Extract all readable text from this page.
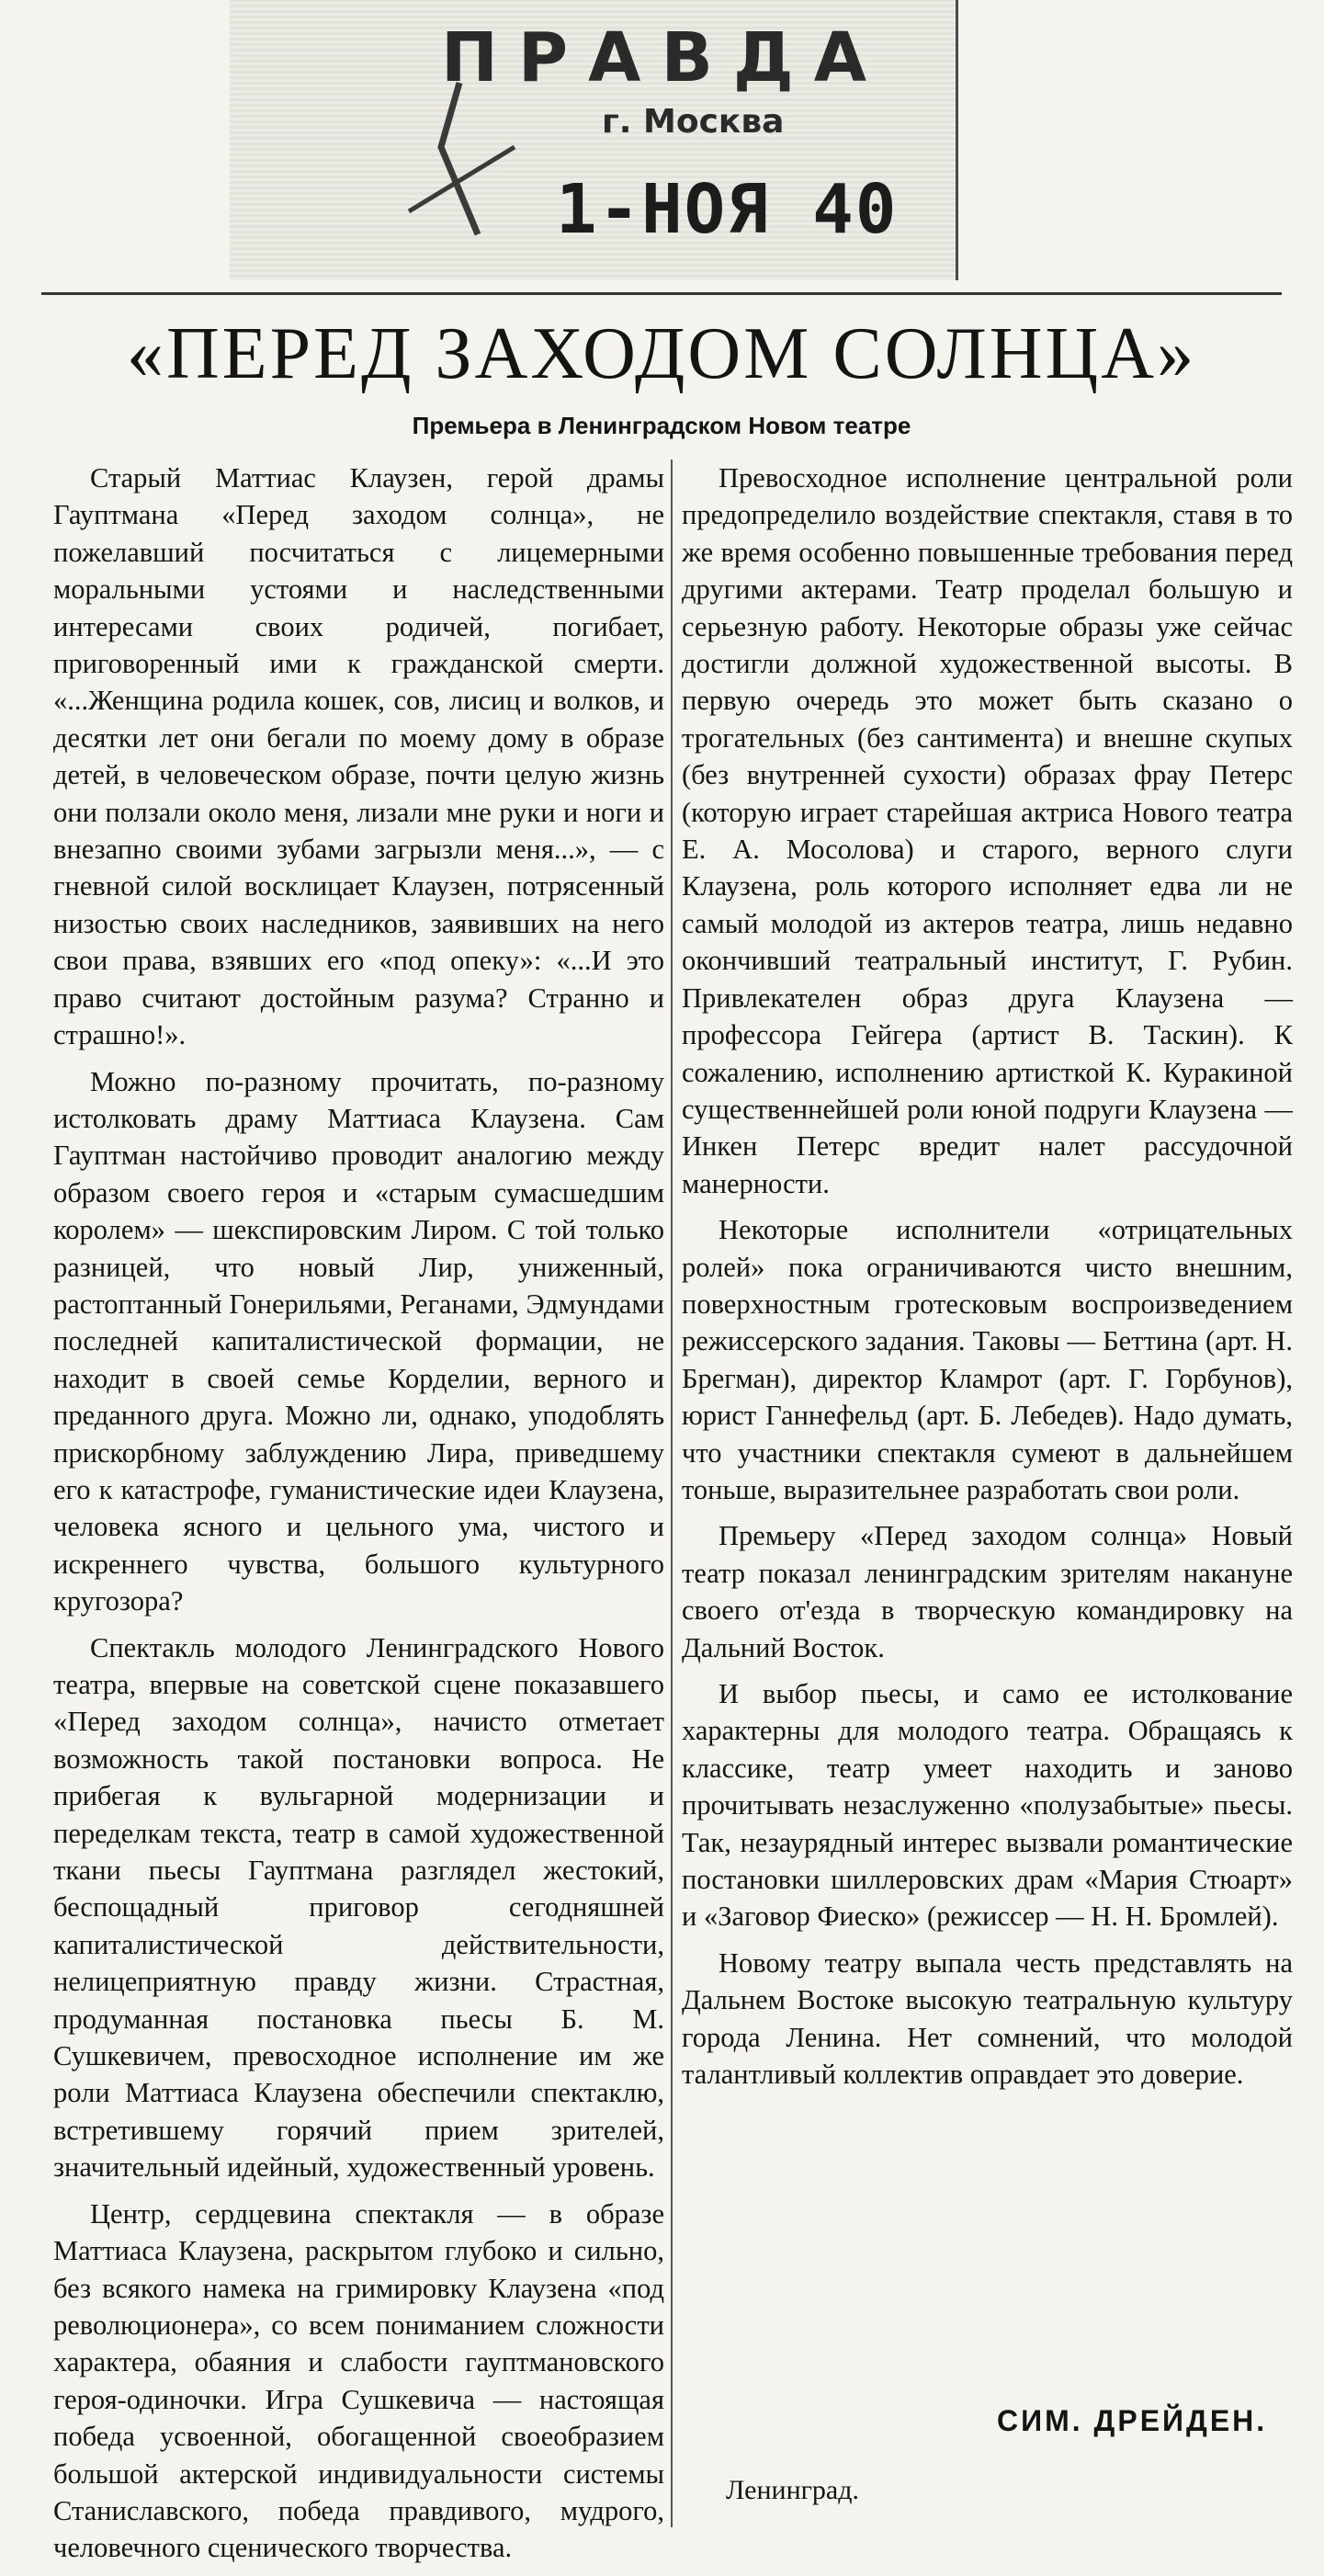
ПРАВДА
г. Москва
1-НОЯ 40
«ПЕРЕД ЗАХОДОМ СОЛНЦА»
Премьера в Ленинградском Новом театре

Старый Маттиас Клаузен, герой драмы Гауптмана «Перед заходом солнца», не пожелавший посчитаться с лицемерными моральными устоями и наследственными интересами своих родичей, погибает, приговоренный ими к гражданской смерти. «...Женщина родила кошек, сов, лисиц и волков, и десятки лет они бегали по моему дому в образе детей, в человеческом образе, почти целую жизнь они ползали около меня, лизали мне руки и ноги и внезапно своими зубами загрызли меня...», — с гневной силой восклицает Клаузен, потрясенный низостью своих наследников, заявивших на него свои права, взявших его «под опеку»: «...И это право считают достойным разума? Странно и страшно!».

Можно по-разному прочитать, по-разному истолковать драму Маттиаса Клаузена. Сам Гауптман настойчиво проводит аналогию между образом своего героя и «старым сумасшедшим королем» — шекспировским Лиром. С той только разницей, что новый Лир, униженный, растоптанный Гонерильями, Реганами, Эдмундами последней капиталистической формации, не находит в своей семье Корделии, верного и преданного друга. Можно ли, однако, уподоблять прискорбному заблуждению Лира, приведшему его к катастрофе, гуманистические идеи Клаузена, человека ясного и цельного ума, чистого и искреннего чувства, большого культурного кругозора?

Спектакль молодого Ленинградского Нового театра, впервые на советской сцене показавшего «Перед заходом солнца», начисто отметает возможность такой постановки вопроса. Не прибегая к вульгарной модернизации и переделкам текста, театр в самой художественной ткани пьесы Гауптмана разглядел жестокий, беспощадный приговор сегодняшней капиталистической действительности, нелицеприятную правду жизни. Страстная, продуманная постановка пьесы Б. М. Сушкевичем, превосходное исполнение им же роли Маттиаса Клаузена обеспечили спектаклю, встретившему горячий прием зрителей, значительный идейный, художественный уровень.

Центр, сердцевина спектакля — в образе Маттиаса Клаузена, раскрытом глубоко и сильно, без всякого намека на гримировку Клаузена «под революционера», со всем пониманием сложности характера, обаяния и слабости гауптмановского героя-одиночки. Игра Сушкевича — настоящая победа усвоенной, обогащенной своеобразием большой актерской индивидуальности системы Станиславского, победа правдивого, мудрого, человечного сценического творчества.

Превосходное исполнение центральной роли предопределило воздействие спектакля, ставя в то же время особенно повышенные требования перед другими актерами. Театр проделал большую и серьезную работу. Некоторые образы уже сейчас достигли должной художественной высоты. В первую очередь это может быть сказано о трогательных (без сантимента) и внешне скупых (без внутренней сухости) образах фрау Петерс (которую играет старейшая актриса Нового театра Е. А. Мосолова) и старого, верного слуги Клаузена, роль которого исполняет едва ли не самый молодой из актеров театра, лишь недавно окончивший театральный институт, Г. Рубин. Привлекателен образ друга Клаузена — профессора Гейгера (артист В. Таскин). К сожалению, исполнению артисткой К. Куракиной существеннейшей роли юной подруги Клаузена — Инкен Петерс вредит налет рассудочной манерности.

Некоторые исполнители «отрицательных ролей» пока ограничиваются чисто внешним, поверхностным гротесковым воспроизведением режиссерского задания. Таковы — Беттина (арт. Н. Брегман), директор Кламрот (арт. Г. Горбунов), юрист Ганнефельд (арт. Б. Лебедев). Надо думать, что участники спектакля сумеют в дальнейшем тоньше, выразительнее разработать свои роли.

Премьеру «Перед заходом солнца» Новый театр показал ленинградским зрителям накануне своего от'езда в творческую командировку на Дальний Восток.

И выбор пьесы, и само ее истолкование характерны для молодого театра. Обращаясь к классике, театр умеет находить и заново прочитывать незаслуженно «полузабытые» пьесы. Так, незаурядный интерес вызвали романтические постановки шиллеровских драм «Мария Стюарт» и «Заговор Фиеско» (режиссер — Н. Н. Бромлей).

Новому театру выпала честь представлять на Дальнем Востоке высокую театральную культуру города Ленина. Нет сомнений, что молодой талантливый коллектив оправдает это доверие.

СИМ. ДРЕЙДЕН.
Ленинград.
